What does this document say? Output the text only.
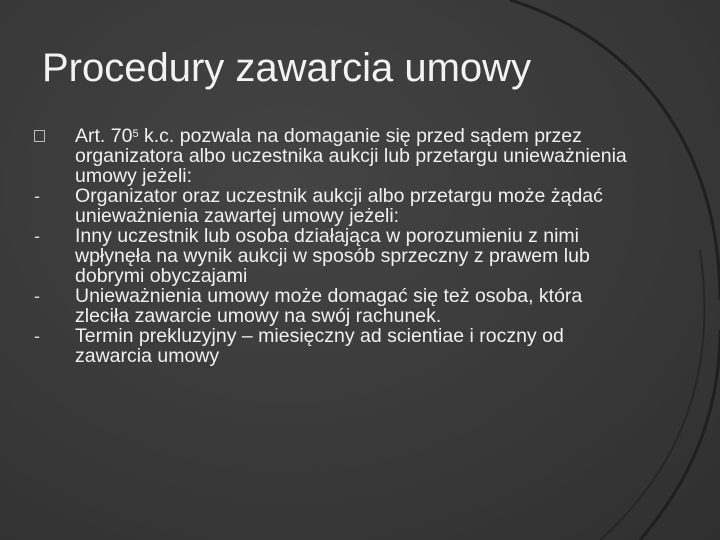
Procedury zawarcia umowy
Art. $70^5$ k.c. pozwala na domaganie się przed sądem przez organizatora albo uczestnika aukcji lub przetargu unieważnienia umowy jeżeli:
-	Organizator oraz uczestnik aukcji albo przetargu może żądać unieważnienia zawartej umowy jeżeli:
-	Inny uczestnik lub osoba działająca w porozumieniu z nimi wpłynęła na wynik aukcji w sposób sprzeczny z prawem lub dobrymi obyczajami
-	Unieważnienia umowy może domagać się też osoba, która zleciła zawarcie umowy na swój rachunek.
-	Termin prekluzyjny – miesięczny ad scientiae i roczny od zawarcia umowy
